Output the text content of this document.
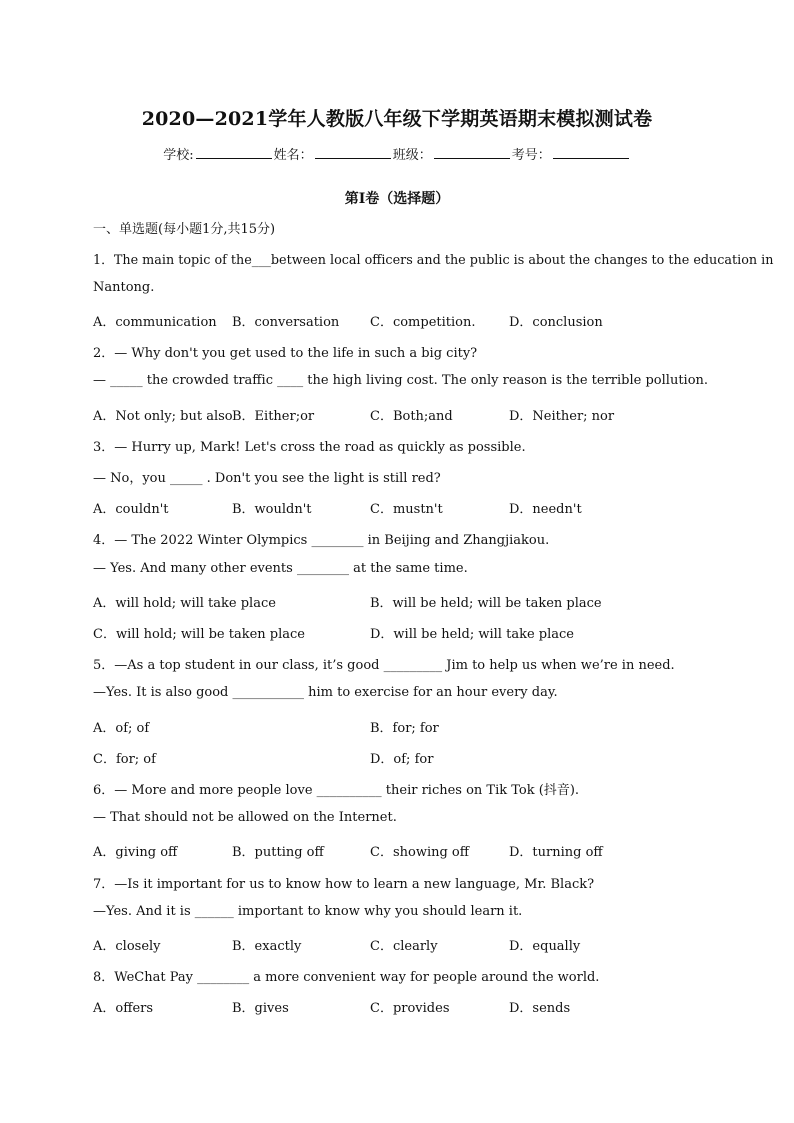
2020—2021学年人教版八年级下学期英语期末模拟测试卷
学校:	姓名：	班级：	考号：
第I卷（选择题）
一、单选题(每小题1分,共15分)
1．The main topic of the___between local officers and the public is about the changes to the education in
Nantong.
A．communication B．conversation C．competition.	D．conclusion
2．— Why don't you get used to the life in such a big city?
— _____ the crowded traffic ____ the high living cost. The only reason is the terrible pollution.
A．Not only; but also B．Either;or	C．Both;and	D．Neither; nor
3．— Hurry up, Mark! Let's cross the road as quickly as possible.
— No，you _____ . Don't you see the light is still red?
A．couldn't	B．wouldn't	C．mustn't	D．needn't
4．— The 2022 Winter Olympics ________ in Beijing and Zhangjiakou.
— Yes. And many other events ________ at the same time.
A．will hold; will take place	B．will be held; will be taken place
C．will hold; will be taken place	D．will be held; will take place
5．—As a top student in our class, it’s good _________ Jim to help us when we’re in need.
—Yes. It is also good ___________ him to exercise for an hour every day.
A．of; of	B．for; for
C．for; of	D．of; for
6．— More and more people love __________ their riches on Tik Tok (抖音).
— That should not be allowed on the Internet.
A．giving off	B．putting off	C．showing off	D．turning off
7．—Is it important for us to know how to learn a new language, Mr. Black?
—Yes. And it is ______ important to know why you should learn it.
A．closely	B．exactly	C．clearly	D．equally
8．WeChat Pay ________ a more convenient way for people around the world.
A．offers	B．gives	C．provides	D．sends
